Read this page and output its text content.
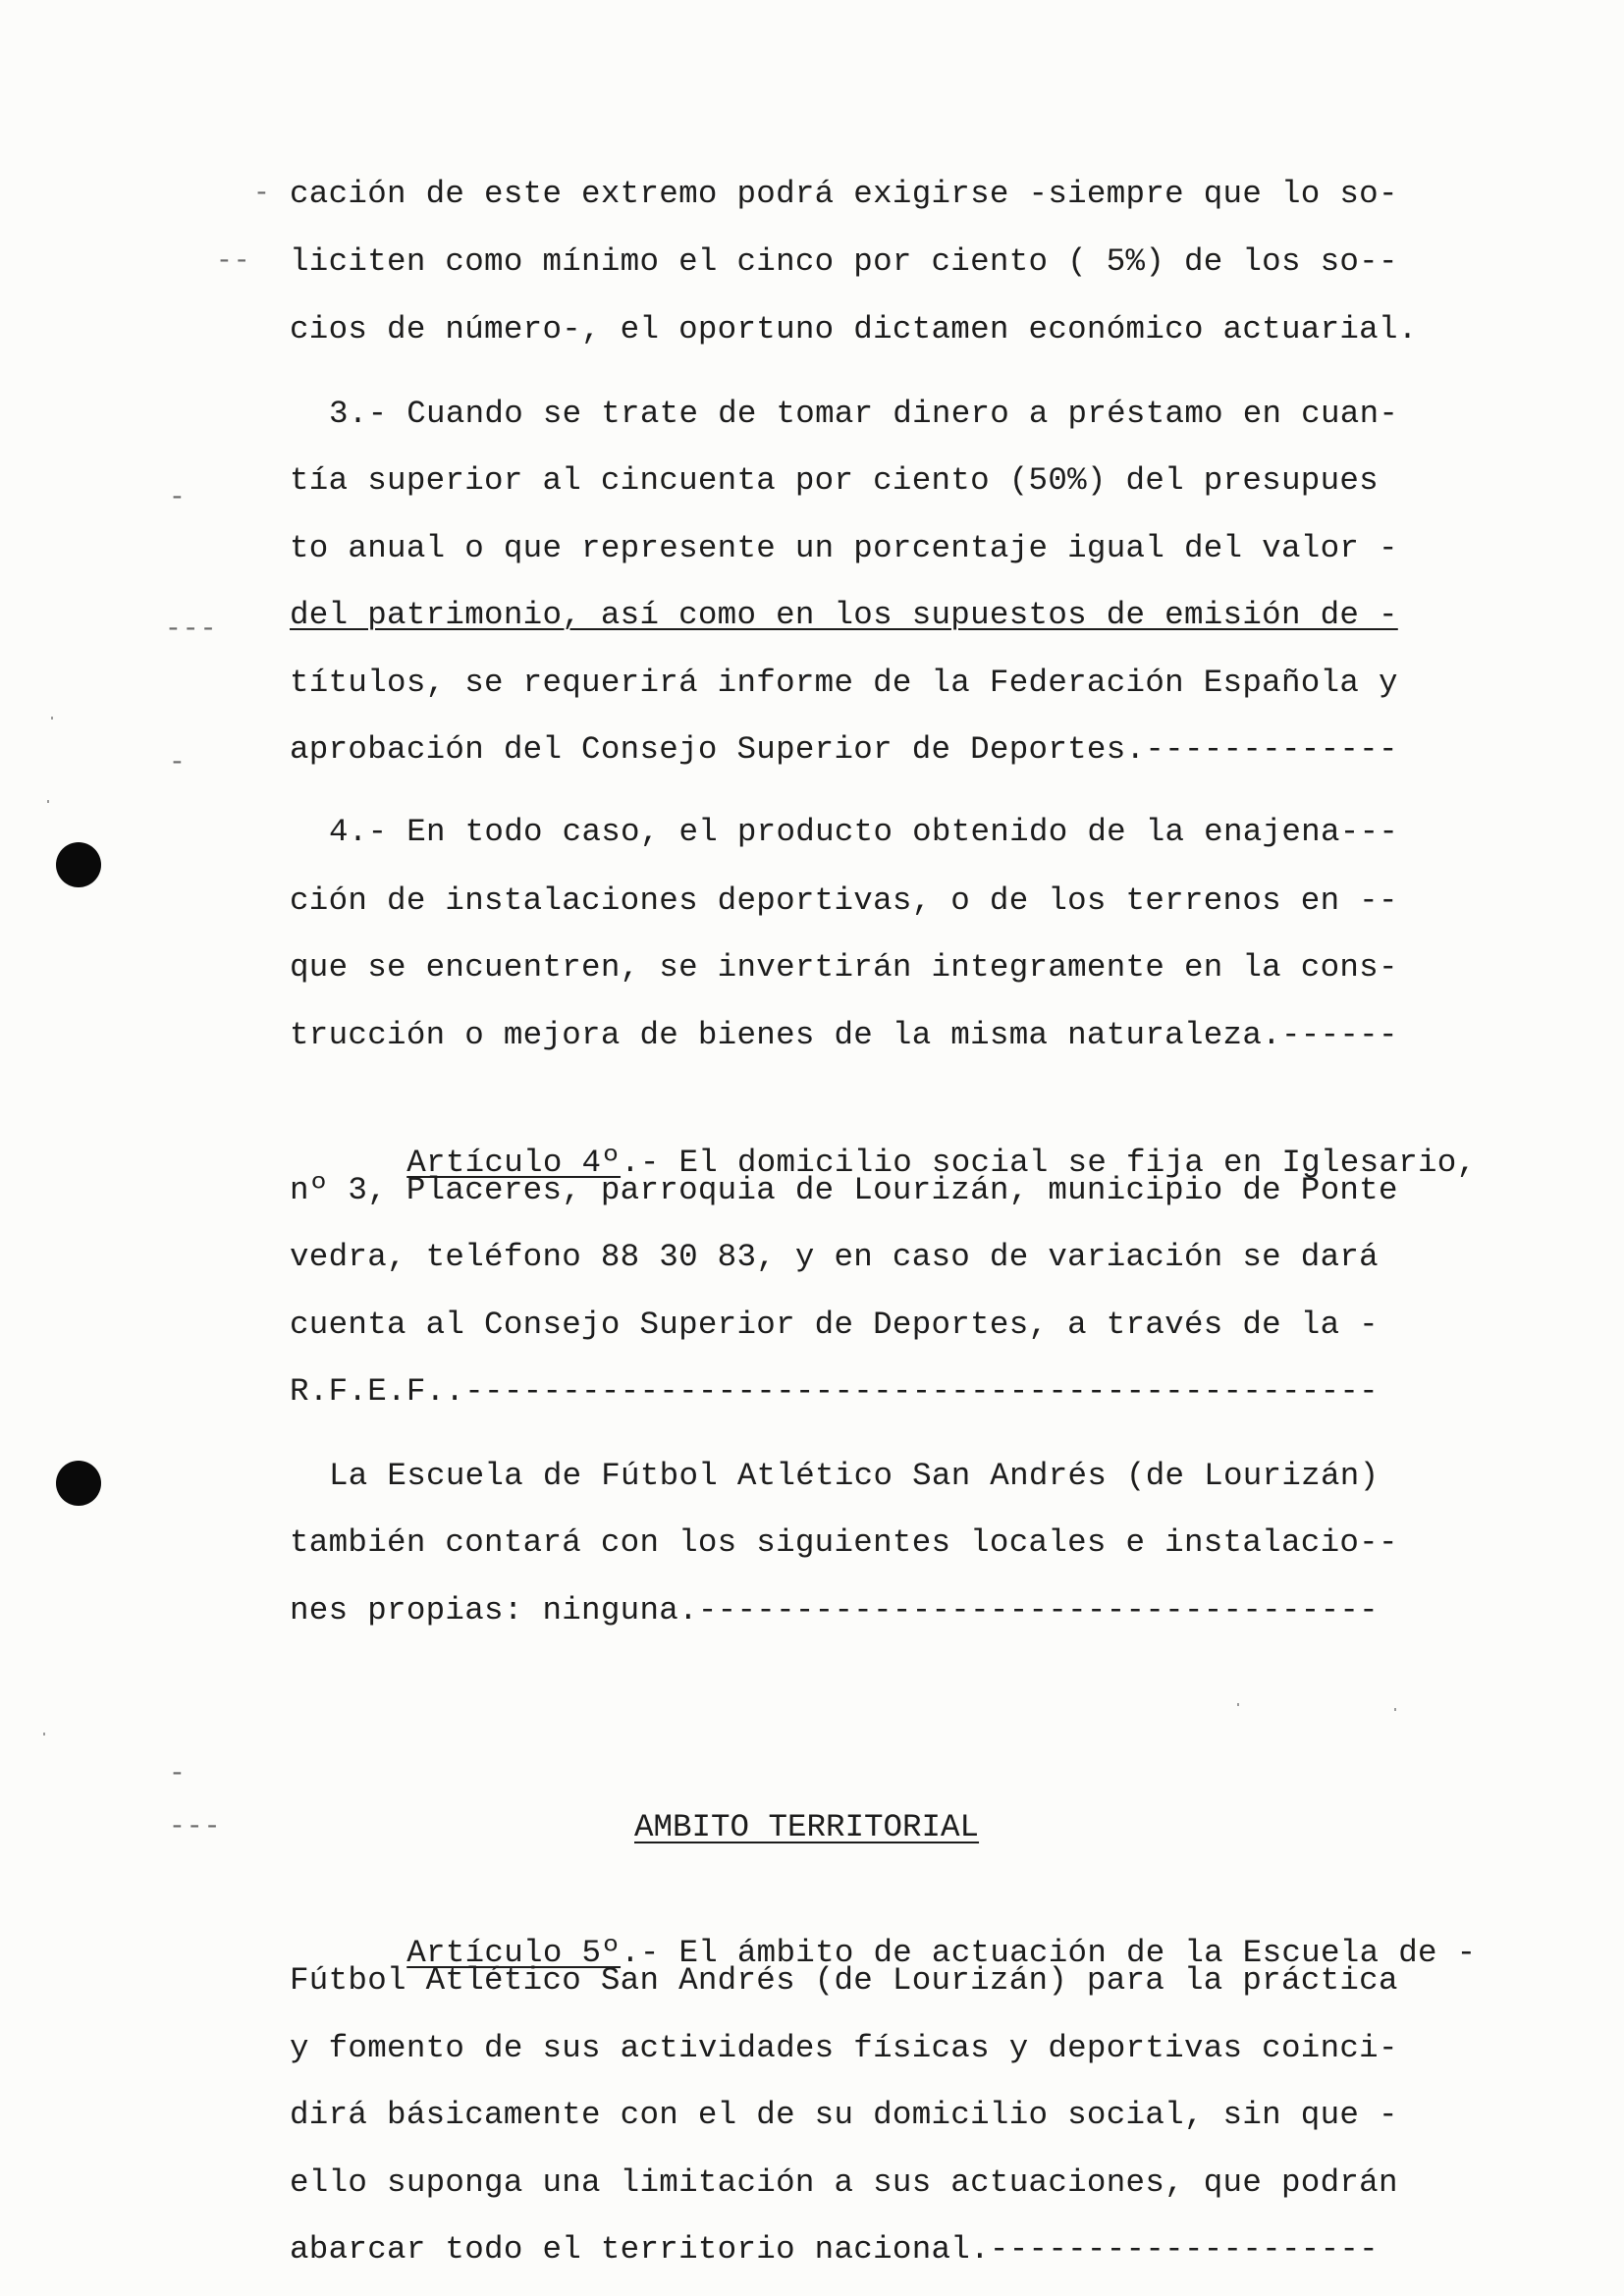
-
--
-
---
-
-
---
cación de este extremo podrá exigirse -siempre que lo so-
liciten como mínimo el cinco por ciento ( 5%) de los so--
cios de número-, el oportuno dictamen económico actuarial.
3.- Cuando se trate de tomar dinero a préstamo en cuan-
tía superior al cincuenta por ciento (50%) del presupues
to anual o que represente un porcentaje igual del valor -
del patrimonio, así como en los supuestos de emisión de -
títulos, se requerirá informe de la Federación Española y
aprobación del Consejo Superior de Deportes.-------------
4.- En todo caso, el producto obtenido de la enajena---
ción de instalaciones deportivas, o de los terrenos en --
que se encuentren, se invertirán integramente en la cons-
trucción o mejora de bienes de la misma naturaleza.------

Artículo 4º.- El domicilio social se fija en Iglesario,

nº 3, Placeres, parroquia de Lourizán, municipio de Ponte
vedra, teléfono 88 30 83, y en caso de variación se dará
cuenta al Consejo Superior de Deportes, a través de la -
R.F.E.F..-----------------------------------------------
La Escuela de Fútbol Atlético San Andrés (de Lourizán)
también contará con los siguientes locales e instalacio--
nes propias: ninguna.-----------------------------------
AMBITO TERRITORIAL

Artículo 5º.- El ámbito de actuación de la Escuela de -

Fútbol Atlético San Andrés (de Lourizán) para la práctica
y fomento de sus actividades físicas y deportivas coinci-
dirá básicamente con el de su domicilio social, sin que -
ello suponga una limitación a sus actuaciones, que podrán
abarcar todo el territorio nacional.--------------------
